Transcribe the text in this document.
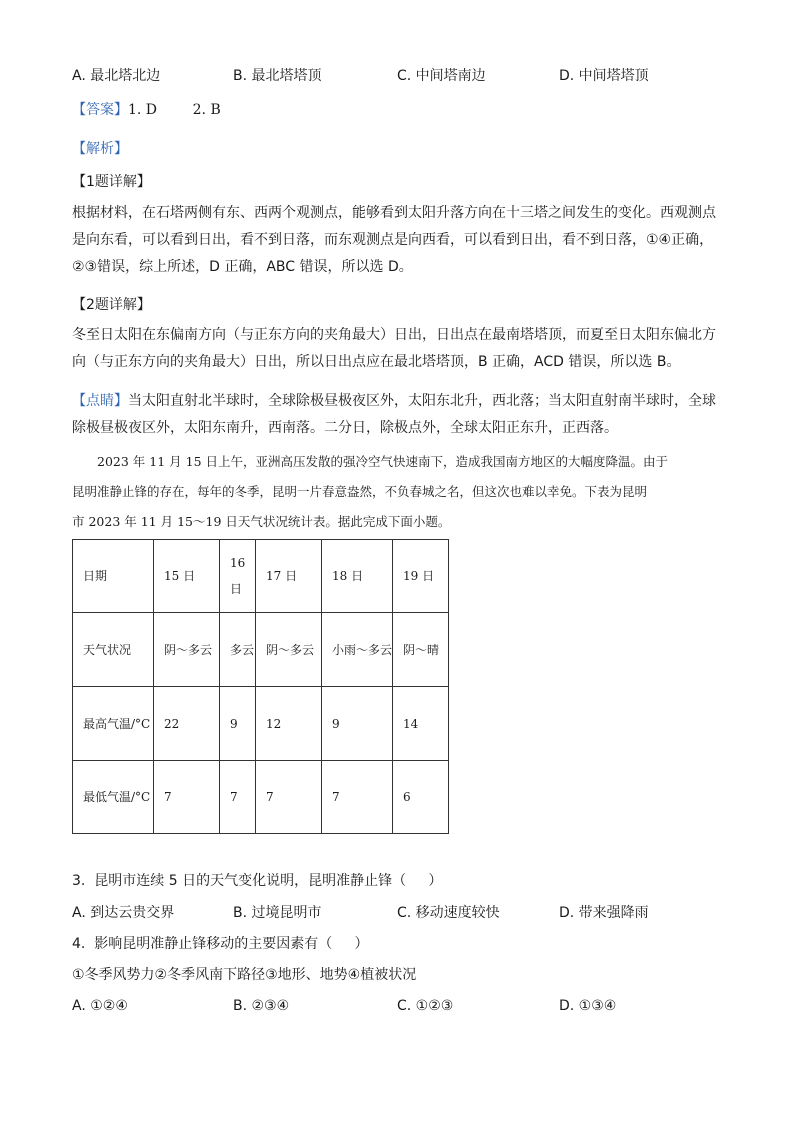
A. 最北塔北边	B. 最北塔塔顶	C. 中间塔南边	D. 中间塔塔顶
【答案】1. D        2. B
【解析】
【1题详解】

根据材料，在石塔两侧有东、西两个观测点，能够看到太阳升落方向在十三塔之间发生的变化。西观测点

是向东看，可以看到日出，看不到日落，而东观测点是向西看，可以看到日出，看不到日落，①④正确，

②③错误，综上所述，D 正确，ABC 错误，所以选 D。

【2题详解】

冬至日太阳在东偏南方向（与正东方向的夹角最大）日出，日出点在最南塔塔顶，而夏至日太阳东偏北方

向（与正东方向的夹角最大）日出，所以日出点应在最北塔塔顶，B 正确，ACD 错误，所以选 B。

【点睛】当太阳直射北半球时，全球除极昼极夜区外，太阳东北升，西北落；当太阳直射南半球时，全球

除极昼极夜区外，太阳东南升，西南落。二分日，除极点外，全球太阳正东升，正西落。

2023 年 11 月 15 日上午，亚洲高压发散的强冷空气快速南下，造成我国南方地区的大幅度降温。由于

昆明准静止锋的存在，每年的冬季，昆明一片春意盎然，不负春城之名，但这次也难以幸免。下表为昆明

市 2023 年 11 月 15～19 日天气状况统计表。据此完成下面小题。

日期	15 日	16 日	17 日	18 日	19 日
天气状况	阴～多云	多云	阴～多云	小雨～多云	阴～晴
最高气温/°C	22	9	12	9	14
最低气温/°C	7	7	7	7	6
3.  昆明市连续 5 日的天气变化说明，昆明准静止锋（     ）
A. 到达云贵交界	B. 过境昆明市	C. 移动速度较快	D. 带来强降雨
4.  影响昆明准静止锋移动的主要因素有（     ）
①冬季风势力②冬季风南下路径③地形、地势④植被状况
A. ①②④	B. ②③④	C. ①②③	D. ①③④
